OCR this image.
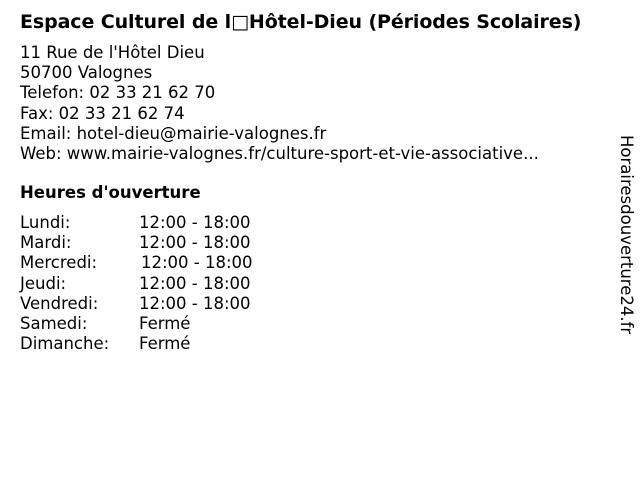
Espace Culturel de l□Hôtel-Dieu (Périodes Scolaires)
11 Rue de l'Hôtel Dieu
50700 Valognes
Telefon: 02 33 21 62 70
Fax: 02 33 21 62 74
Email: hotel-dieu@mairie-valognes.fr
Web: www.mairie-valognes.fr/culture-sport-et-vie-associative...
Heures d'ouverture
Lundi:	12:00 - 18:00
Mardi:	12:00 - 18:00
Mercredi:	12:00 - 18:00
Jeudi:	12:00 - 18:00
Vendredi: 12:00 - 18:00
Samedi:	Fermé
Dimanche: Fermé
Horairesdouverture24.fr
